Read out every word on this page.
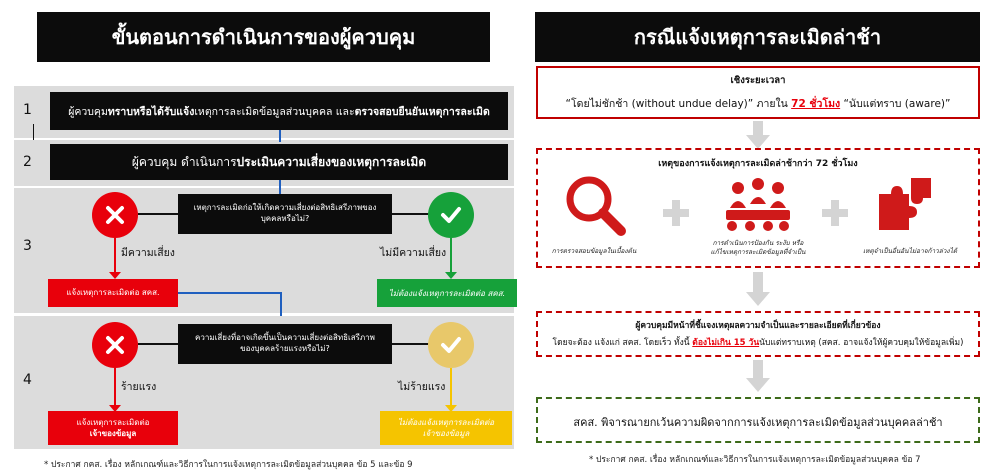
ขั้นตอนการดำเนินการของผู้ควบคุม
1	ผู้ควบคุม ทราบหรือได้รับแจ้ง เหตุการละเมิดข้อมูลส่วนบุคคล และ ตรวจสอบยืนยันเหตุการละเมิด
2	ผู้ควบคุม ดำเนินการ ประเมินความเสี่ยงของเหตุการละเมิด
3
เหตุการละเมิดก่อให้เกิดความเสี่ยงต่อสิทธิเสรีภาพของ
บุคคลหรือไม่?
มีความเสี่ยง	ไม่มีความเสี่ยง
แจ้งเหตุการละเมิดต่อ สคส.	ไม่ต้องแจ้งเหตุการละเมิดต่อ สคส.
4
ความเสี่ยงที่อาจเกิดขึ้นเป็นความเสี่ยงต่อสิทธิเสรีภาพ
ของบุคคลร้ายแรงหรือไม่?
ร้ายแรง	ไม่ร้ายแรง
แจ้งเหตุการละเมิดต่อ
เจ้าของข้อมูล
ไม่ต้องแจ้งเหตุการละเมิดต่อ
เจ้าของข้อมูล
* ประกาศ กคส. เรื่อง หลักเกณฑ์และวิธีการในการแจ้งเหตุการละเมิดข้อมูลส่วนบุคคล ข้อ 5 และข้อ 9
กรณีแจ้งเหตุการละเมิดล่าช้า
เชิงระยะเวลา
“โดยไม่ชักช้า (without undue delay)” ภายใน 72 ชั่วโมง “นับแต่ทราบ (aware)”
เหตุของการแจ้งเหตุการละเมิดล่าช้ากว่า 72 ชั่วโมง
การตรวจสอบข้อมูลในเบื้องต้น
การดำเนินการป้องกัน ระงับ หรือ
แก้ไขเหตุการละเมิดข้อมูลที่จำเป็น	เหตุจำเป็นอื่นอันไม่อาจก้าวล่วงได้
ผู้ควบคุมมีหน้าที่ชี้แจงเหตุผลความจำเป็นและรายละเอียดที่เกี่ยวข้อง
โดยจะต้อง แจ้งแก่ สคส. โดยเร็ว ทั้งนี้ ต้องไม่เกิน 15 วันนับแต่ทราบเหตุ (สคส. อาจแจ้งให้ผู้ควบคุมให้ข้อมูลเพิ่ม)
สคส. พิจารณายกเว้นความผิดจากการแจ้งเหตุการละเมิดข้อมูลส่วนบุคคลล่าช้า
* ประกาศ กคส. เรื่อง หลักเกณฑ์และวิธีการในการแจ้งเหตุการละเมิดข้อมูลส่วนบุคคล ข้อ 7
